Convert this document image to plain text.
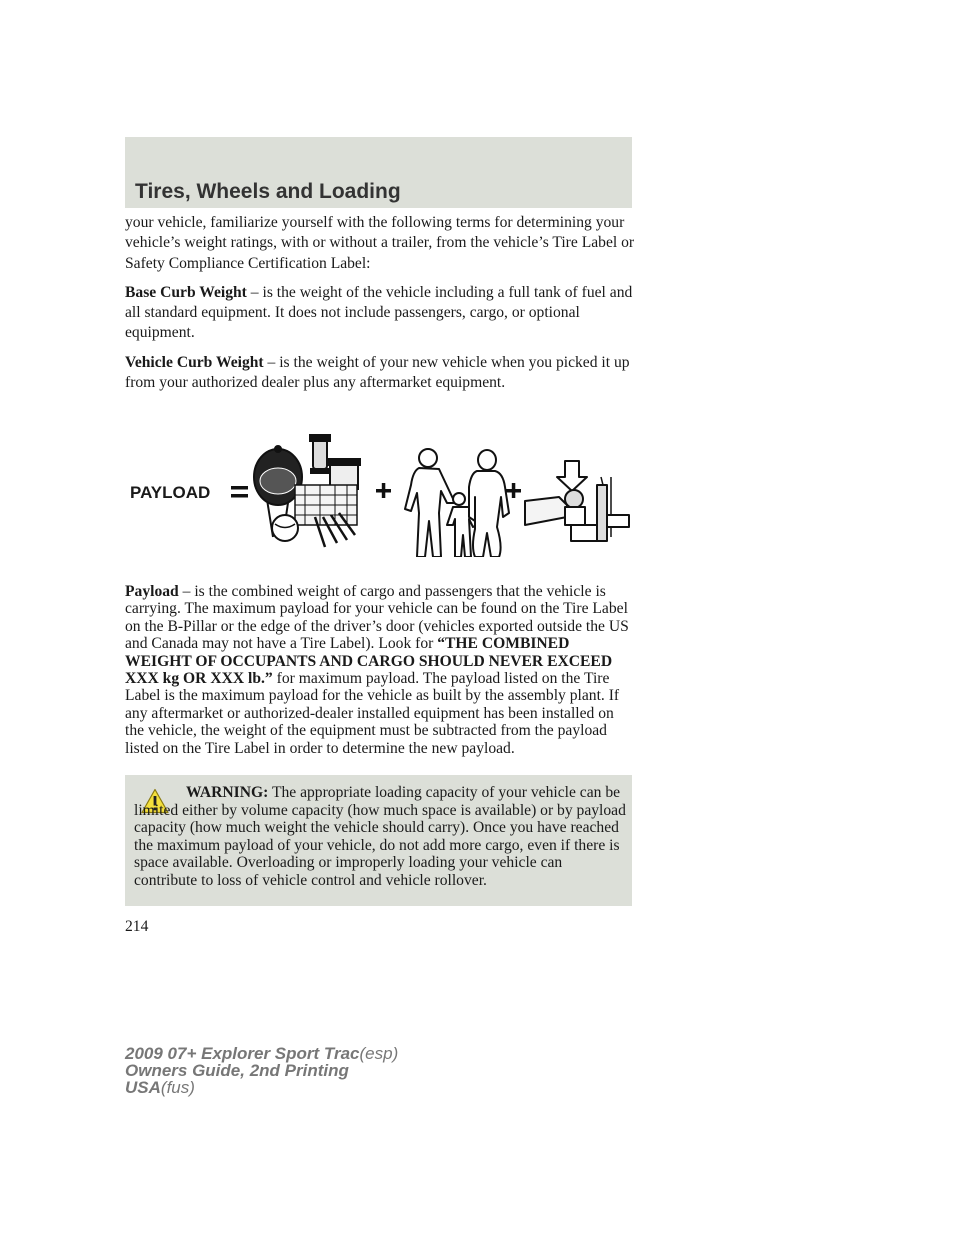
Tires, Wheels and Loading

your vehicle, familiarize yourself with the following terms for determining your vehicle’s weight ratings, with or without a trailer, from the vehicle’s Tire Label or Safety Compliance Certification Label:

Base Curb Weight – is the weight of the vehicle including a full tank of fuel and all standard equipment. It does not include passengers, cargo, or optional equipment.

Vehicle Curb Weight – is the weight of your new vehicle when you picked it up from your authorized dealer plus any aftermarket equipment.

PAYLOAD

Payload – is the combined weight of cargo and passengers that the vehicle is carrying. The maximum payload for your vehicle can be found on the Tire Label on the B-Pillar or the edge of the driver’s door (vehicles exported outside the US and Canada may not have a Tire Label). Look for “THE COMBINED WEIGHT OF OCCUPANTS AND CARGO SHOULD NEVER EXCEED XXX kg OR XXX lb.” for maximum payload. The payload listed on the Tire Label is the maximum payload for the vehicle as built by the assembly plant. If any aftermarket or authorized-dealer installed equipment has been installed on the vehicle, the weight of the equipment must be subtracted from the payload listed on the Tire Label in order to determine the new payload.

WARNING: The appropriate loading capacity of your vehicle can be limited either by volume capacity (how much space is available) or by payload capacity (how much weight the vehicle should carry). Once you have reached the maximum payload of your vehicle, do not add more cargo, even if there is space available. Overloading or improperly loading your vehicle can contribute to loss of vehicle control and vehicle rollover.

214
2009 07+ Explorer Sport Trac(esp)
Owners Guide, 2nd Printing
USA(fus)
